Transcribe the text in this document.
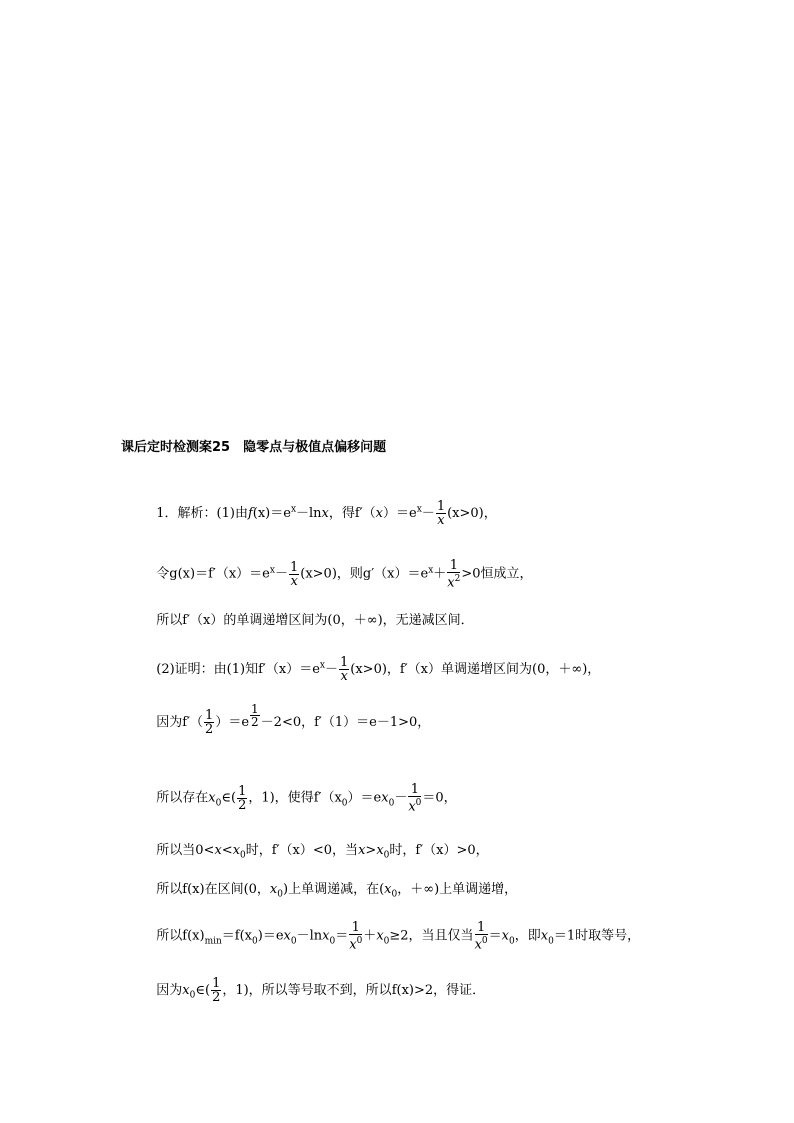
课后定时检测案25　隐零点与极值点偏移问题

1．解析：(1)由$f(x)=e^x-\ln x$，得$f'(x)=e^x- \frac{1}{x} (x>0)$，

令$g(x)=f'(x)=e^x- \frac{1}{x} (x>0)$，则$g'(x)=e^x+ \frac{1}{x^2} >0$恒成立，

所以f′（x）的单调递增区间为(0，＋∞)，无递减区间．

(2)证明：由(1)知$f'(x)=e^x- \frac{1}{x} (x>0)$，f′（x）单调递增区间为(0，＋∞)，

因为$f'( \frac{1}{2} )=e \frac{1}{2} -2<0$，f′（1）＝e－1>0，

所以存在$x_0\in( \frac{1}{2}$ ，1)，使得$f'(x_0)=ex_0- \frac{1}{x^0} =0$，

所以当$0<x<x_0$时，f′（x）<0，当$x>x_0$时，f′（x）>0，

所以f(x)在区间(0，$x_0$)上单调递减，在($x_0$，＋∞)上单调递增，

所以$f(x)_{min}=f(x_0)=ex_0-\ln x_0= \frac{1}{x^0} +x_0\ge 2$，当且仅当 $\frac{1}{x^0} =x_0$，即$x_0=1$时取等号，

因为$x_0\in( \frac{1}{2}$ ，1)，所以等号取不到，所以f(x)>2，得证．
